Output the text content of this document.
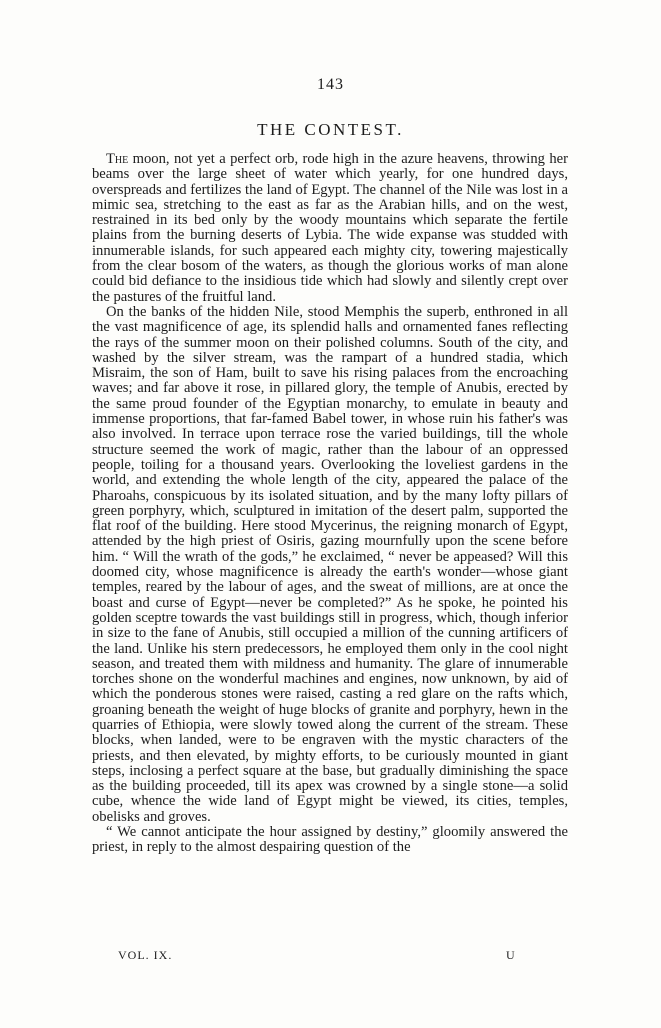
143
THE CONTEST.

The moon, not yet a perfect orb, rode high in the azure heavens, throwing her beams over the large sheet of water which yearly, for one hundred days, overspreads and fertilizes the land of Egypt. The channel of the Nile was lost in a mimic sea, stretching to the east as far as the Arabian hills, and on the west, restrained in its bed only by the woody mountains which separate the fertile plains from the burning deserts of Lybia. The wide expanse was studded with innumerable islands, for such appeared each mighty city, towering majestically from the clear bosom of the waters, as though the glorious works of man alone could bid defiance to the insidious tide which had slowly and silently crept over the pastures of the fruitful land.

On the banks of the hidden Nile, stood Memphis the superb, enthroned in all the vast magnificence of age, its splendid halls and ornamented fanes reflecting the rays of the summer moon on their polished columns. South of the city, and washed by the silver stream, was the rampart of a hundred stadia, which Misraim, the son of Ham, built to save his rising palaces from the encroaching waves; and far above it rose, in pillared glory, the temple of Anubis, erected by the same proud founder of the Egyptian monarchy, to emulate in beauty and immense proportions, that far-famed Babel tower, in whose ruin his father's was also involved. In terrace upon terrace rose the varied buildings, till the whole structure seemed the work of magic, rather than the labour of an oppressed people, toiling for a thousand years. Overlooking the loveliest gardens in the world, and extending the whole length of the city, appeared the palace of the Pharoahs, conspicuous by its isolated situation, and by the many lofty pillars of green porphyry, which, sculptured in imitation of the desert palm, supported the flat roof of the building. Here stood Mycerinus, the reigning monarch of Egypt, attended by the high priest of Osiris, gazing mournfully upon the scene before him. “ Will the wrath of the gods,” he exclaimed, “ never be appeased? Will this doomed city, whose magnificence is already the earth's wonder—whose giant temples, reared by the labour of ages, and the sweat of millions, are at once the boast and curse of Egypt—never be completed?” As he spoke, he pointed his golden sceptre towards the vast buildings still in progress, which, though inferior in size to the fane of Anubis, still occupied a million of the cunning artificers of the land. Unlike his stern predecessors, he employed them only in the cool night season, and treated them with mildness and humanity. The glare of innumerable torches shone on the wonderful machines and engines, now unknown, by aid of which the ponderous stones were raised, casting a red glare on the rafts which, groaning beneath the weight of huge blocks of granite and porphyry, hewn in the quarries of Ethiopia, were slowly towed along the current of the stream. These blocks, when landed, were to be engraven with the mystic characters of the priests, and then elevated, by mighty efforts, to be curiously mounted in giant steps, inclosing a perfect square at the base, but gradually diminishing the space as the building proceeded, till its apex was crowned by a single stone—a solid cube, whence the wide land of Egypt might be viewed, its cities, temples, obelisks and groves.

“ We cannot anticipate the hour assigned by destiny,” gloomily answered the priest, in reply to the almost despairing question of the

VOL. IX.	U
